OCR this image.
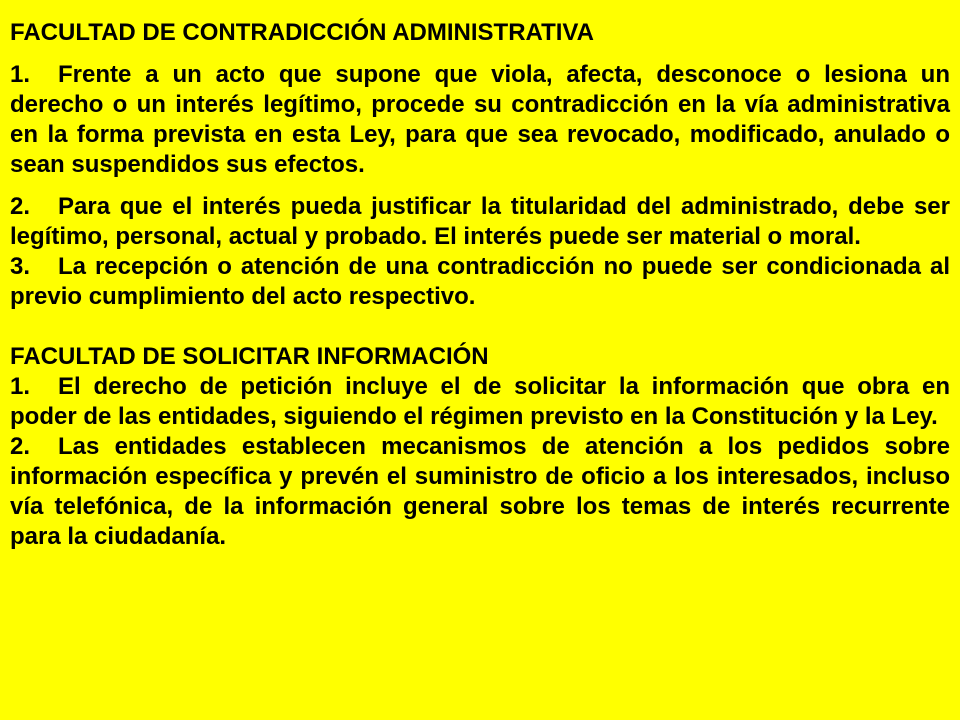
FACULTAD DE CONTRADICCIÓN ADMINISTRATIVA

1. Frente a un acto que supone que viola, afecta, desconoce o lesiona un derecho o un interés legítimo, procede su contradicción en la vía administrativa en la forma prevista en esta Ley, para que sea revocado, modificado, anulado o sean suspendidos sus efectos.

2. Para que el interés pueda justificar la titularidad del administrado, debe ser legítimo, personal, actual y probado. El interés puede ser material o moral.

3. La recepción o atención de una contradicción no puede ser condicionada al previo cumplimiento del acto respectivo.

FACULTAD DE SOLICITAR INFORMACIÓN

1. El derecho de petición incluye el de solicitar la información que obra en poder de las entidades, siguiendo el régimen previsto en la Constitución y la Ley.

2. Las entidades establecen mecanismos de atención a los pedidos sobre información específica y prevén el suministro de oficio a los interesados, incluso vía telefónica, de la información general sobre los temas de interés recurrente para la ciudadanía.
